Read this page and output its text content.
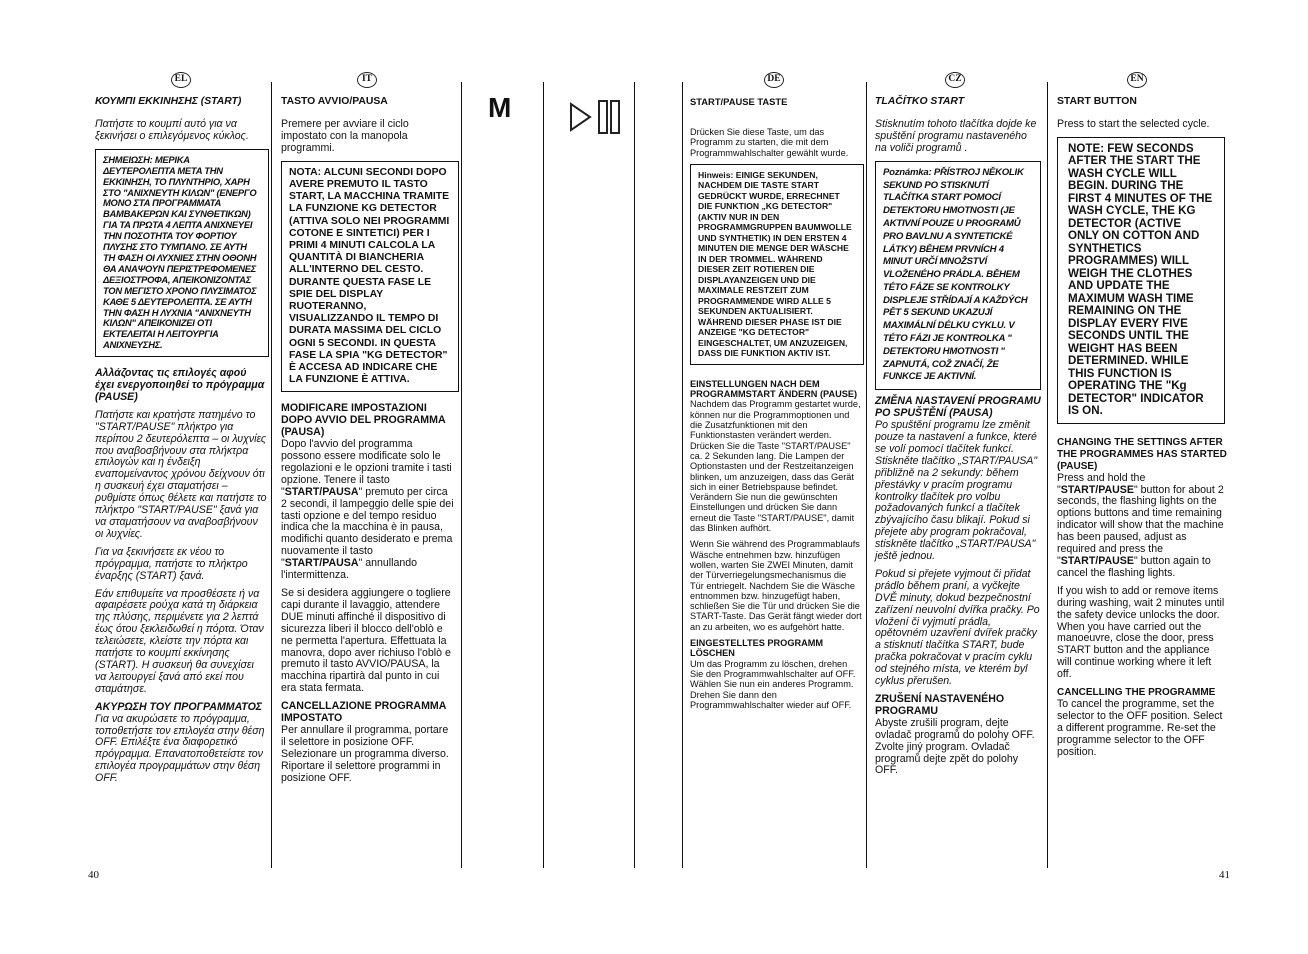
EL	IT	DE	CZ	EN
M

ΚΟΥΜΠΙ ΕΚΚΙΝΗΣΗΣ (START)

Πατήστε το κουμπί αυτό για να ξεκινήσει ο επιλεγόμενος κύκλος.

ΣΗΜΕΙΩΣΗ: ΜΕΡΙΚΑ ΔΕΥΤΕΡΟΛΕΠΤΑ ΜΕΤΑ ΤΗΝ ΕΚΚΙΝΗΣΗ, ΤΟ ΠΛΥΝΤΗΡΙΟ, ΧΑΡΗ ΣΤΟ "ΑΝΙΧΝΕΥΤΗ ΚΙΛΩΝ" (ΕΝΕΡΓΟ ΜΟΝΟ ΣΤΑ ΠΡΟΓΡΑΜΜΑΤΑ ΒΑΜΒΑΚΕΡΩΝ ΚΑΙ ΣΥΝΘΕΤΙΚΩΝ) ΓΙΑ ΤΑ ΠΡΩΤΑ 4 ΛΕΠΤΑ ΑΝΙΧΝΕΥΕΙ ΤΗΝ ΠΟΣΟΤΗΤΑ ΤΟΥ ΦΟΡΤΙΟΥ ΠΛΥΣΗΣ ΣΤΟ ΤΥΜΠΑΝΟ. ΣΕ ΑΥΤΗ ΤΗ ΦΑΣΗ ΟΙ ΛΥΧΝΙΕΣ ΣΤΗΝ ΟΘΟΝΗ ΘΑ ΑΝΑΨΟΥΝ ΠΕΡΙΣΤΡΕΦΟΜΕΝΕΣ ΔΕΞΙΟΣΤΡΟΦΑ, ΑΠΕΙΚΟΝΙΖΟΝΤΑΣ ΤΟΝ ΜΕΓΙΣΤΟ ΧΡΟΝΟ ΠΛΥΣΙΜΑΤΟΣ ΚΑΘΕ 5 ΔΕΥΤΕΡΟΛΕΠΤΑ. ΣΕ ΑΥΤΗ ΤΗΝ ΦΑΣΗ Η ΛΥΧΝΙΑ "ΑΝΙΧΝΕΥΤΗ ΚΙΛΩΝ" ΑΠΕΙΚΟΝΙΖΕΙ ΟΤΙ ΕΚΤΕΛΕΙΤΑΙ Η ΛΕΙΤΟΥΡΓΙΑ ΑΝΙΧΝΕΥΣΗΣ.

Αλλάζοντας τις επιλογές αφού έχει ενεργοποιηθεί το πρόγραμμα (PAUSE)

Πατήστε και κρατήστε πατημένο το "START/PAUSE" πλήκτρο για περίπου 2 δευτερόλεπτα – οι λυχνίες που αναβοσβήνουν στα πλήκτρα επιλογών και η ένδειξη εναπομείναντος χρόνου δείχνουν ότι η συσκευή έχει σταματήσει – ρυθμίστε όπως θέλετε και πατήστε το πλήκτρο "START/PAUSE" ξανά για να σταματήσουν να αναβοσβήνουν οι λυχνίες.

Για να ξεκινήσετε εκ νέου το πρόγραμμα, πατήστε το πλήκτρο έναρξης (START) ξανά.

Εάν επιθυμείτε να προσθέσετε ή να αφαιρέσετε ρούχα κατά τη διάρκεια της πλύσης, περιμένετε για 2 λεπτά έως ότου ξεκλειδωθεί η πόρτα. Όταν τελειώσετε, κλείστε την πόρτα και πατήστε το κουμπί εκκίνησης (START). Η συσκευή θα συνεχίσει να λειτουργεί ξανά από εκεί που σταμάτησε.

ΑΚΥΡΩΣΗ ΤΟΥ ΠΡΟΓΡΑΜΜΑΤΟΣ

Για να ακυρώσετε το πρόγραμμα, τοποθετήστε τον επιλογέα στην θέση OFF. Επιλέξτε ένα διαφορετικό πρόγραμμα. Επανατοποθετείστε τον επιλογέα προγραμμάτων στην θέση OFF.

TASTO AVVIO/PAUSA

Premere per avviare il ciclo impostato con la manopola programmi.

NOTA: ALCUNI SECONDI DOPO AVERE PREMUTO IL TASTO START, LA MACCHINA TRAMITE LA FUNZIONE KG DETECTOR (ATTIVA SOLO NEI PROGRAMMI COTONE E SINTETICI) PER I PRIMI 4 MINUTI CALCOLA LA QUANTITÀ DI BIANCHERIA ALL'INTERNO DEL CESTO. DURANTE QUESTA FASE LE SPIE DEL DISPLAY RUOTERANNO, VISUALIZZANDO IL TEMPO DI DURATA MASSIMA DEL CICLO OGNI 5 SECONDI. IN QUESTA FASE LA SPIA "KG DETECTOR" È ACCESA AD INDICARE CHE LA FUNZIONE È ATTIVA.

MODIFICARE IMPOSTAZIONI DOPO AVVIO DEL PROGRAMMA (PAUSA)

Dopo l'avvio del programma possono essere modificate solo le regolazioni e le opzioni tramite i tasti opzione. Tenere il tasto "START/PAUSA" premuto per circa 2 secondi, il lampeggio delle spie dei tasti opzione e del tempo residuo indica che la macchina è in pausa, modifichi quanto desiderato e prema nuovamente il tasto "START/PAUSA" annullando l'intermittenza.

Se si desidera aggiungere o togliere capi durante il lavaggio, attendere DUE minuti affinché il dispositivo di sicurezza liberi il blocco dell'oblò e ne permetta l'apertura. Effettuata la manovra, dopo aver richiuso l'oblò e premuto il tasto AVVIO/PAUSA, la macchina ripartirà dal punto in cui era stata fermata.

CANCELLAZIONE PROGRAMMA IMPOSTATO

Per annullare il programma, portare il selettore in posizione OFF. Selezionare un programma diverso. Riportare il selettore programmi in posizione OFF.

START/PAUSE TASTE

Drücken Sie diese Taste, um das Programm zu starten, die mit dem Programmwahlschalter gewählt wurde.

Hinweis: EINIGE SEKUNDEN, NACHDEM DIE TASTE START GEDRÜCKT WURDE, ERRECHNET DIE FUNKTION „KG DETECTOR" (AKTIV NUR IN DEN PROGRAMMGRUPPEN BAUMWOLLE UND SYNTHETIK) IN DEN ERSTEN 4 MINUTEN DIE MENGE DER WÄSCHE IN DER TROMMEL. WÄHREND DIESER ZEIT ROTIEREN DIE DISPLAYANZEIGEN UND DIE MAXIMALE RESTZEIT ZUM PROGRAMMENDE WIRD ALLE 5 SEKUNDEN AKTUALISIERT. WÄHREND DIESER PHASE IST DIE ANZEIGE "KG DETECTOR" EINGESCHALTET, UM ANZUZEIGEN, DASS DIE FUNKTION AKTIV IST.

EINSTELLUNGEN NACH DEM PROGRAMMSTART ÄNDERN (PAUSE)

Nachdem das Programm gestartet wurde, können nur die Programmoptionen und die Zusatzfunktionen mit den Funktionstasten verändert werden. Drücken Sie die Taste "START/PAUSE" ca. 2 Sekunden lang. Die Lampen der Optionstasten und der Restzeitanzeigen blinken, um anzuzeigen, dass das Gerät sich in einer Betriebspause befindet. Verändern Sie nun die gewünschten Einstellungen und drücken Sie dann erneut die Taste "START/PAUSE", damit das Blinken aufhört.

Wenn Sie während des Programmablaufs Wäsche entnehmen bzw. hinzufügen wollen, warten Sie ZWEI Minuten, damit der Türverriegelungsmechanismus die Tür entriegelt. Nachdem Sie die Wäsche entnommen bzw. hinzugefügt haben, schließen Sie die Tür und drücken Sie die START-Taste. Das Gerät fängt wieder dort an zu arbeiten, wo es aufgehört hatte.

EINGESTELLTES PROGRAMM LÖSCHEN

Um das Programm zu löschen, drehen Sie den Programmwahlschalter auf OFF. Wählen Sie nun ein anderes Programm. Drehen Sie dann den Programmwahlschalter wieder auf OFF.

TLAČÍTKO START

Stisknutím tohoto tlačítka dojde ke spuštění programu nastaveného na voliči programů .

Poznámka: PŘÍSTROJ NĚKOLIK SEKUND PO STISKNUTÍ TLAČÍTKA START POMOCÍ DETEKTORU HMOTNOSTI (JE AKTIVNÍ POUZE U PROGRAMŮ PRO BAVLNU A SYNTETICKÉ LÁTKY) BĚHEM PRVNÍCH 4 MINUT URČÍ MNOŽSTVÍ VLOŽENÉHO PRÁDLA. BĚHEM TÉTO FÁZE SE KONTROLKY DISPLEJE STŘÍDAJÍ A KAŽDÝCH PĚT 5 SEKUND UKAZUJÍ MAXIMÁLNÍ DÉLKU CYKLU. V TÉTO FÁZI JE KONTROLKA " DETEKTORU HMOTNOSTI " ZAPNUTÁ, COŽ ZNAČÍ, ŽE FUNKCE JE AKTIVNÍ.

ZMĚNA NASTAVENÍ PROGRAMU PO SPUŠTĚNÍ (PAUSA)

Po spuštění programu lze změnit pouze ta nastavení a funkce, které se volí pomocí tlačítek funkcí. Stiskněte tlačítko „START/PAUSA" přibližně na 2 sekundy: během přestávky v pracím programu kontrolky tlačítek pro volbu požadovaných funkcí a tlačítek zbývajícího času blikají. Pokud si přejete aby program pokračoval, stiskněte tlačítko „START/PAUSA" ještě jednou.

Pokud si přejete vyjmout či přidat prádlo během praní, a vyčkejte DVĚ minuty, dokud bezpečnostní zařízení neuvolní dvířka pračky. Po vložení či vyjmutí prádla, opětovném uzavření dvířek pračky a stisknutí tlačítka START, bude pračka pokračovat v pracím cyklu od stejného místa, ve kterém byl cyklus přerušen.

ZRUŠENÍ NASTAVENÉHO PROGRAMU

Abyste zrušili program, dejte ovladač programů do polohy OFF. Zvolte jiný program. Ovladač programů dejte zpět do polohy OFF.

START BUTTON

Press to start the selected cycle.

NOTE: FEW SECONDS AFTER THE START THE WASH CYCLE WILL BEGIN. DURING THE FIRST 4 MINUTES OF THE WASH CYCLE, THE KG DETECTOR (ACTIVE ONLY ON COTTON AND SYNTHETICS PROGRAMMES) WILL WEIGH THE CLOTHES AND UPDATE THE MAXIMUM WASH TIME REMAINING ON THE DISPLAY EVERY FIVE SECONDS UNTIL THE WEIGHT HAS BEEN DETERMINED. WHILE THIS FUNCTION IS OPERATING THE "Kg DETECTOR" INDICATOR IS ON.

CHANGING THE SETTINGS AFTER THE PROGRAMMES HAS STARTED (PAUSE)

Press and hold the "START/PAUSE" button for about 2 seconds, the flashing lights on the options buttons and time remaining indicator will show that the machine has been paused, adjust as required and press the "START/PAUSE" button again to cancel the flashing lights.

If you wish to add or remove items during washing, wait 2 minutes until the safety device unlocks the door. When you have carried out the manoeuvre, close the door, press START button and the appliance will continue working where it left off.

CANCELLING THE PROGRAMME

To cancel the programme, set the selector to the OFF position. Select a different programme. Re-set the programme selector to the OFF position.

40	41
